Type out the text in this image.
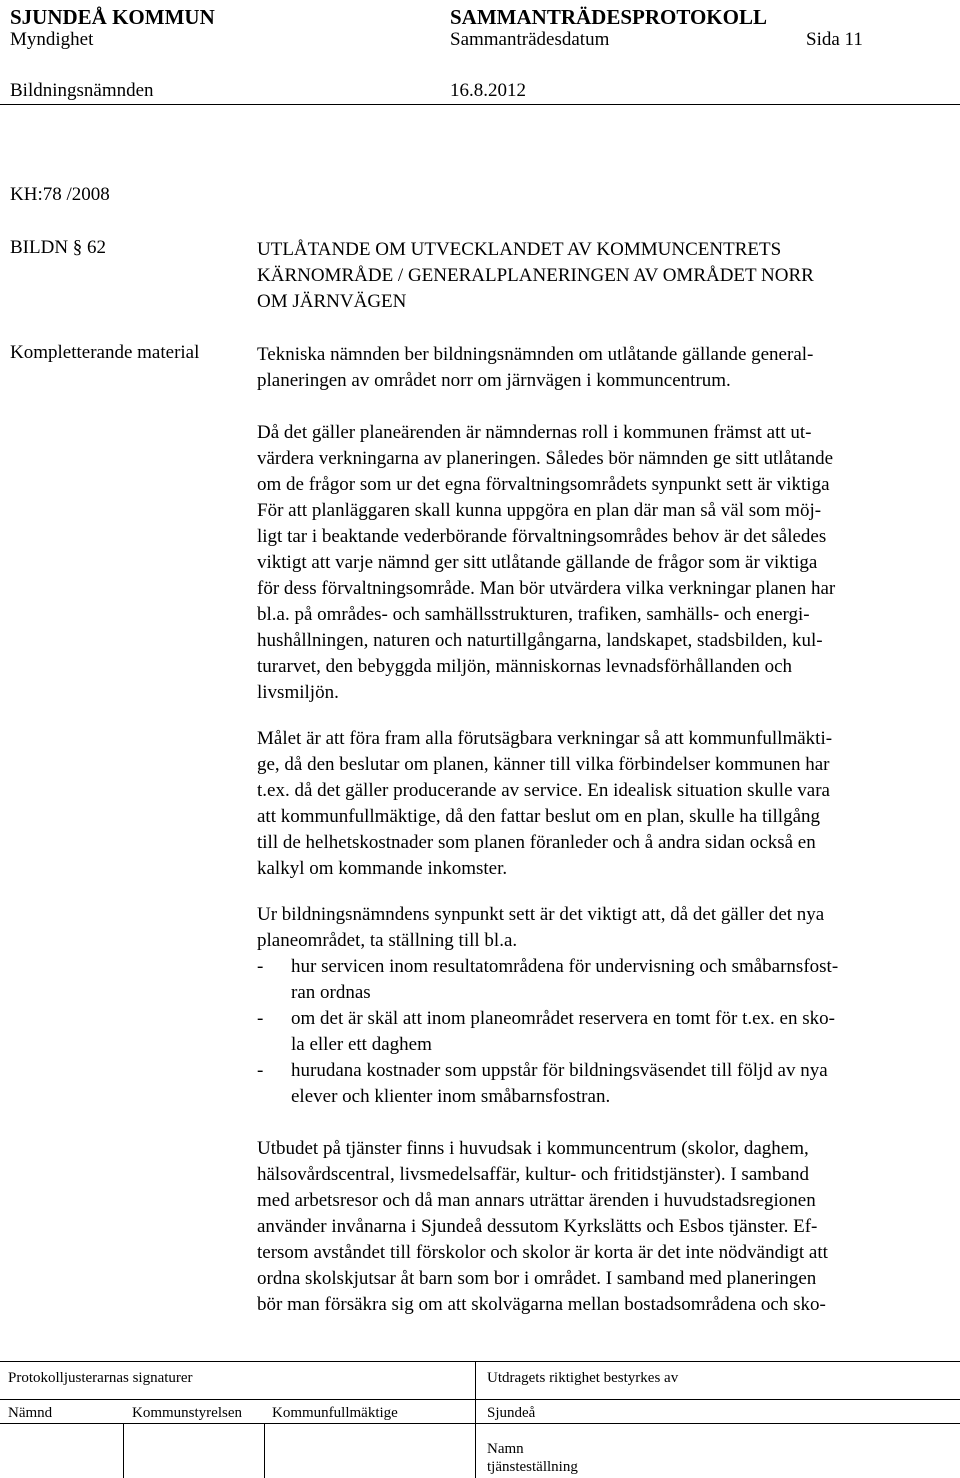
SJUNDEÅ KOMMUN	SAMMANTRÄDESPROTOKOLL
Myndighet	Sammanträdesdatum	Sida 11
Bildningsnämnden	16.8.2012
KH:78 /2008
BILDN § 62	UTLÅTANDE OM UTVECKLANDET AV KOMMUNCENTRETS
KÄRNOMRÅDE / GENERALPLANERINGEN AV OMRÅDET NORR
OM JÄRNVÄGEN
Kompletterande material	Tekniska nämnden ber bildningsnämnden om utlåtande gällande general-
planeringen av området norr om järnvägen i kommuncentrum.
Då det gäller planeärenden är nämndernas roll i kommunen främst att ut-
värdera verkningarna av planeringen. Således bör nämnden ge sitt utlåtande
om de frågor som ur det egna förvaltningsområdets synpunkt sett är viktiga
För att planläggaren skall kunna uppgöra en plan där man så väl som möj-
ligt tar i beaktande vederbörande förvaltningsområdes behov är det således
viktigt att varje nämnd ger sitt utlåtande gällande de frågor som är viktiga
för dess förvaltningsområde. Man bör utvärdera vilka verkningar planen har
bl.a. på områdes- och samhällsstrukturen, trafiken, samhälls- och energi-
hushållningen, naturen och naturtillgångarna, landskapet, stadsbilden, kul-
turarvet, den bebyggda miljön, människornas levnadsförhållanden och
livsmiljön.
Målet är att föra fram alla förutsägbara verkningar så att kommunfullmäkti-
ge, då den beslutar om planen, känner till vilka förbindelser kommunen har
t.ex. då det gäller producerande av service. En idealisk situation skulle vara
att kommunfullmäktige, då den fattar beslut om en plan, skulle ha tillgång
till de helhetskostnader som planen föranleder och å andra sidan också en
kalkyl om kommande inkomster.
Ur bildningsnämndens synpunkt sett är det viktigt att, då det gäller det nya
planeområdet, ta ställning till bl.a.
- hur servicen inom resultatområdena för undervisning och småbarnsfost-
ran ordnas
- om det är skäl att inom planeområdet reservera en tomt för t.ex. en sko-
la eller ett daghem
- hurudana kostnader som uppstår för bildningsväsendet till följd av nya
elever och klienter inom småbarnsfostran.
Utbudet på tjänster finns i huvudsak i kommuncentrum (skolor, daghem,
hälsovårdscentral, livsmedelsaffär, kultur- och fritidstjänster). I samband
med arbetsresor och då man annars uträttar ärenden i huvudstadsregionen
använder invånarna i Sjundeå dessutom Kyrkslätts och Esbos tjänster. Ef-
tersom avståndet till förskolor och skolor är korta är det inte nödvändigt att
ordna skolskjutsar åt barn som bor i området. I samband med planeringen
bör man försäkra sig om att skolvägarna mellan bostadsområdena och sko-
Protokolljusterarnas signaturer	Utdragets riktighet bestyrkes av
Nämnd	Kommunstyrelsen Kommunfullmäktige	Sjundeå
Namn
tjänsteställning
